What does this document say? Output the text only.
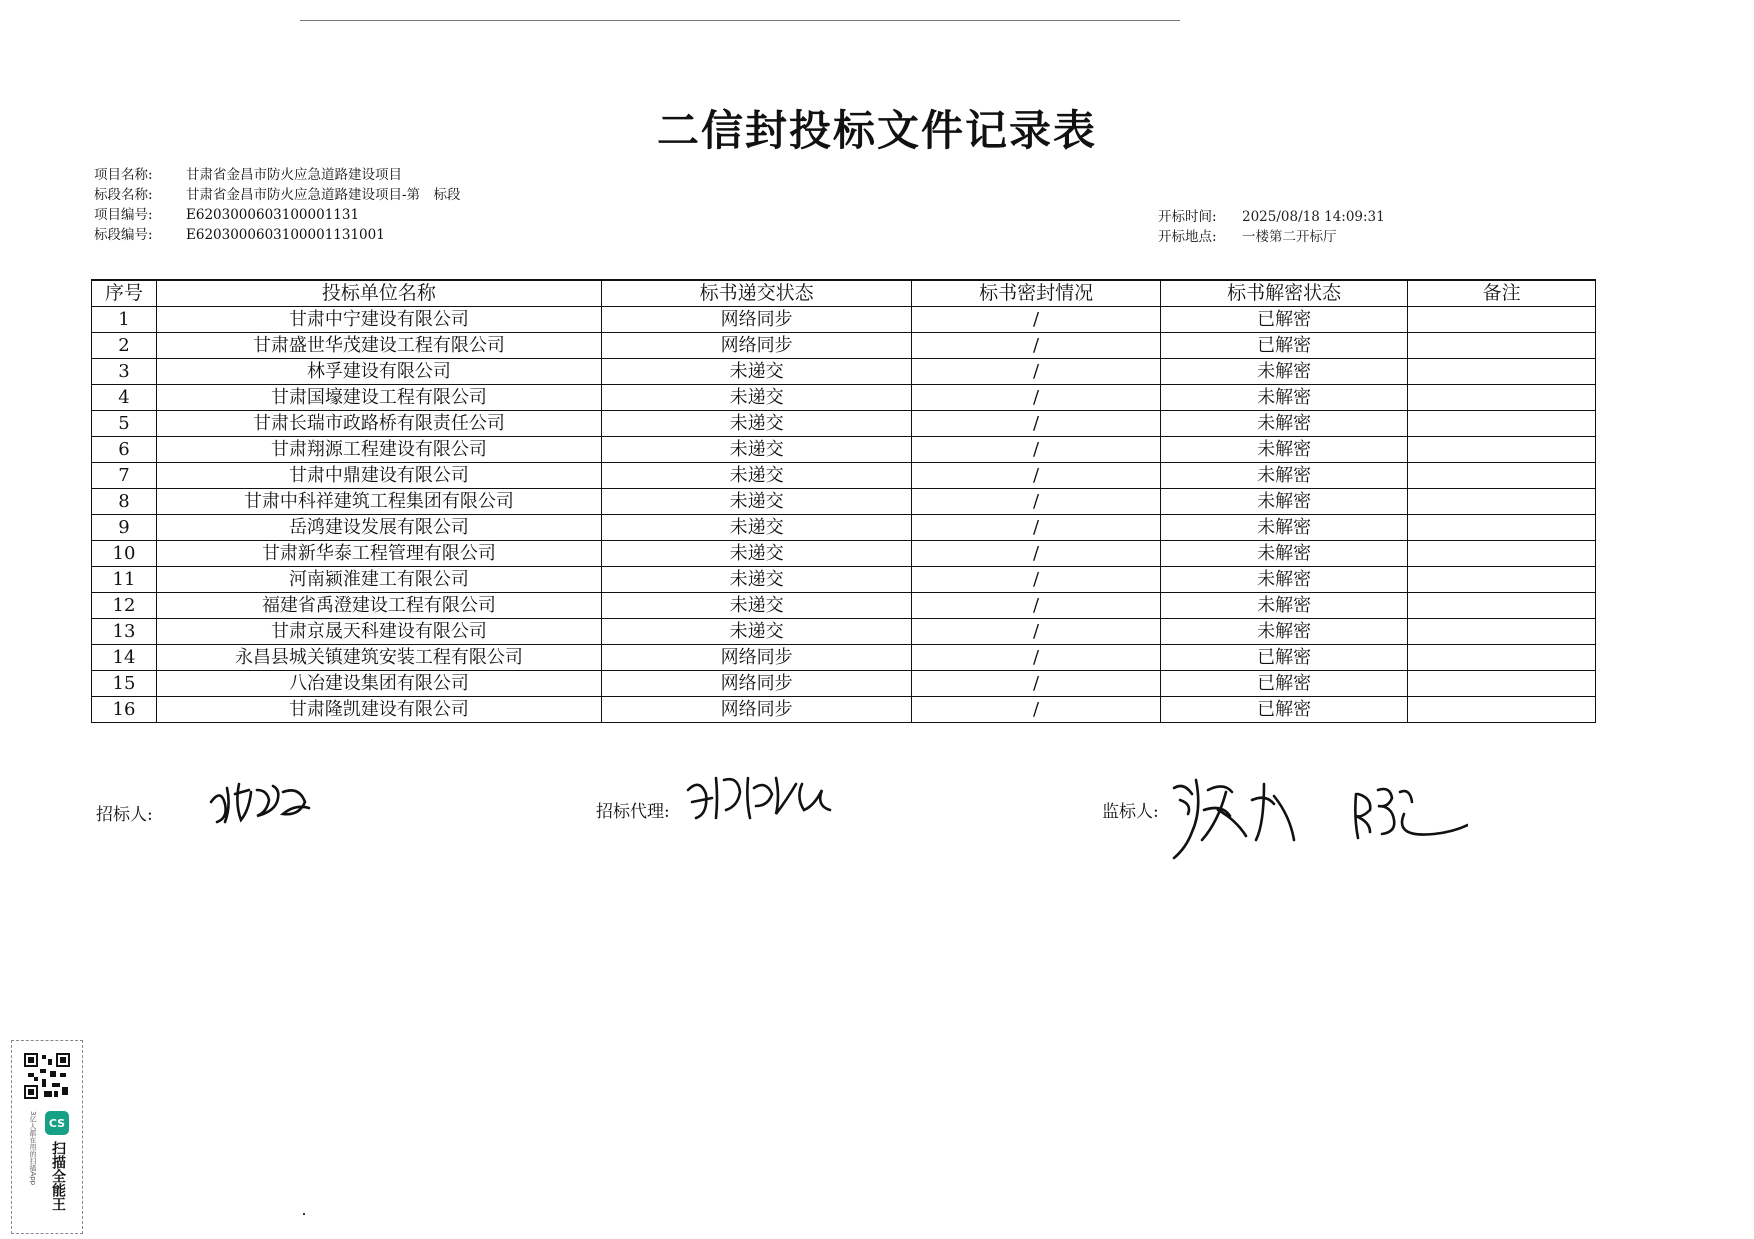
二信封投标文件记录表
项目名称: 甘肃省金昌市防火应急道路建设项目
标段名称: 甘肃省金昌市防火应急道路建设项目-第　标段
项目编号: E6203000603100001131
标段编号: E6203000603100001131001
开标时间: 2025/08/18 14:09:31
开标地点: 一楼第二开标厅
序号	投标单位名称	标书递交状态	标书密封情况	标书解密状态	备注
1	甘肃中宁建设有限公司	网络同步	/	已解密	
2	甘肃盛世华茂建设工程有限公司	网络同步	/	已解密	
3	林孚建设有限公司	未递交	/	未解密	
4	甘肃国壕建设工程有限公司	未递交	/	未解密	
5	甘肃长瑞市政路桥有限责任公司	未递交	/	未解密	
6	甘肃翔源工程建设有限公司	未递交	/	未解密	
7	甘肃中鼎建设有限公司	未递交	/	未解密	
8	甘肃中科祥建筑工程集团有限公司	未递交	/	未解密	
9	岳鸿建设发展有限公司	未递交	/	未解密	
10	甘肃新华泰工程管理有限公司	未递交	/	未解密	
11	河南颍淮建工有限公司	未递交	/	未解密	
12	福建省禹澄建设工程有限公司	未递交	/	未解密	
13	甘肃京晟天科建设有限公司	未递交	/	未解密	
14	永昌县城关镇建筑安装工程有限公司	网络同步	/	已解密	
15	八冶建设集团有限公司	网络同步	/	已解密	
16	甘肃隆凯建设有限公司	网络同步	/	已解密	
招标人:	招标代理:	监标人:
CS
扫描全能王
3亿人都在用的扫描App
